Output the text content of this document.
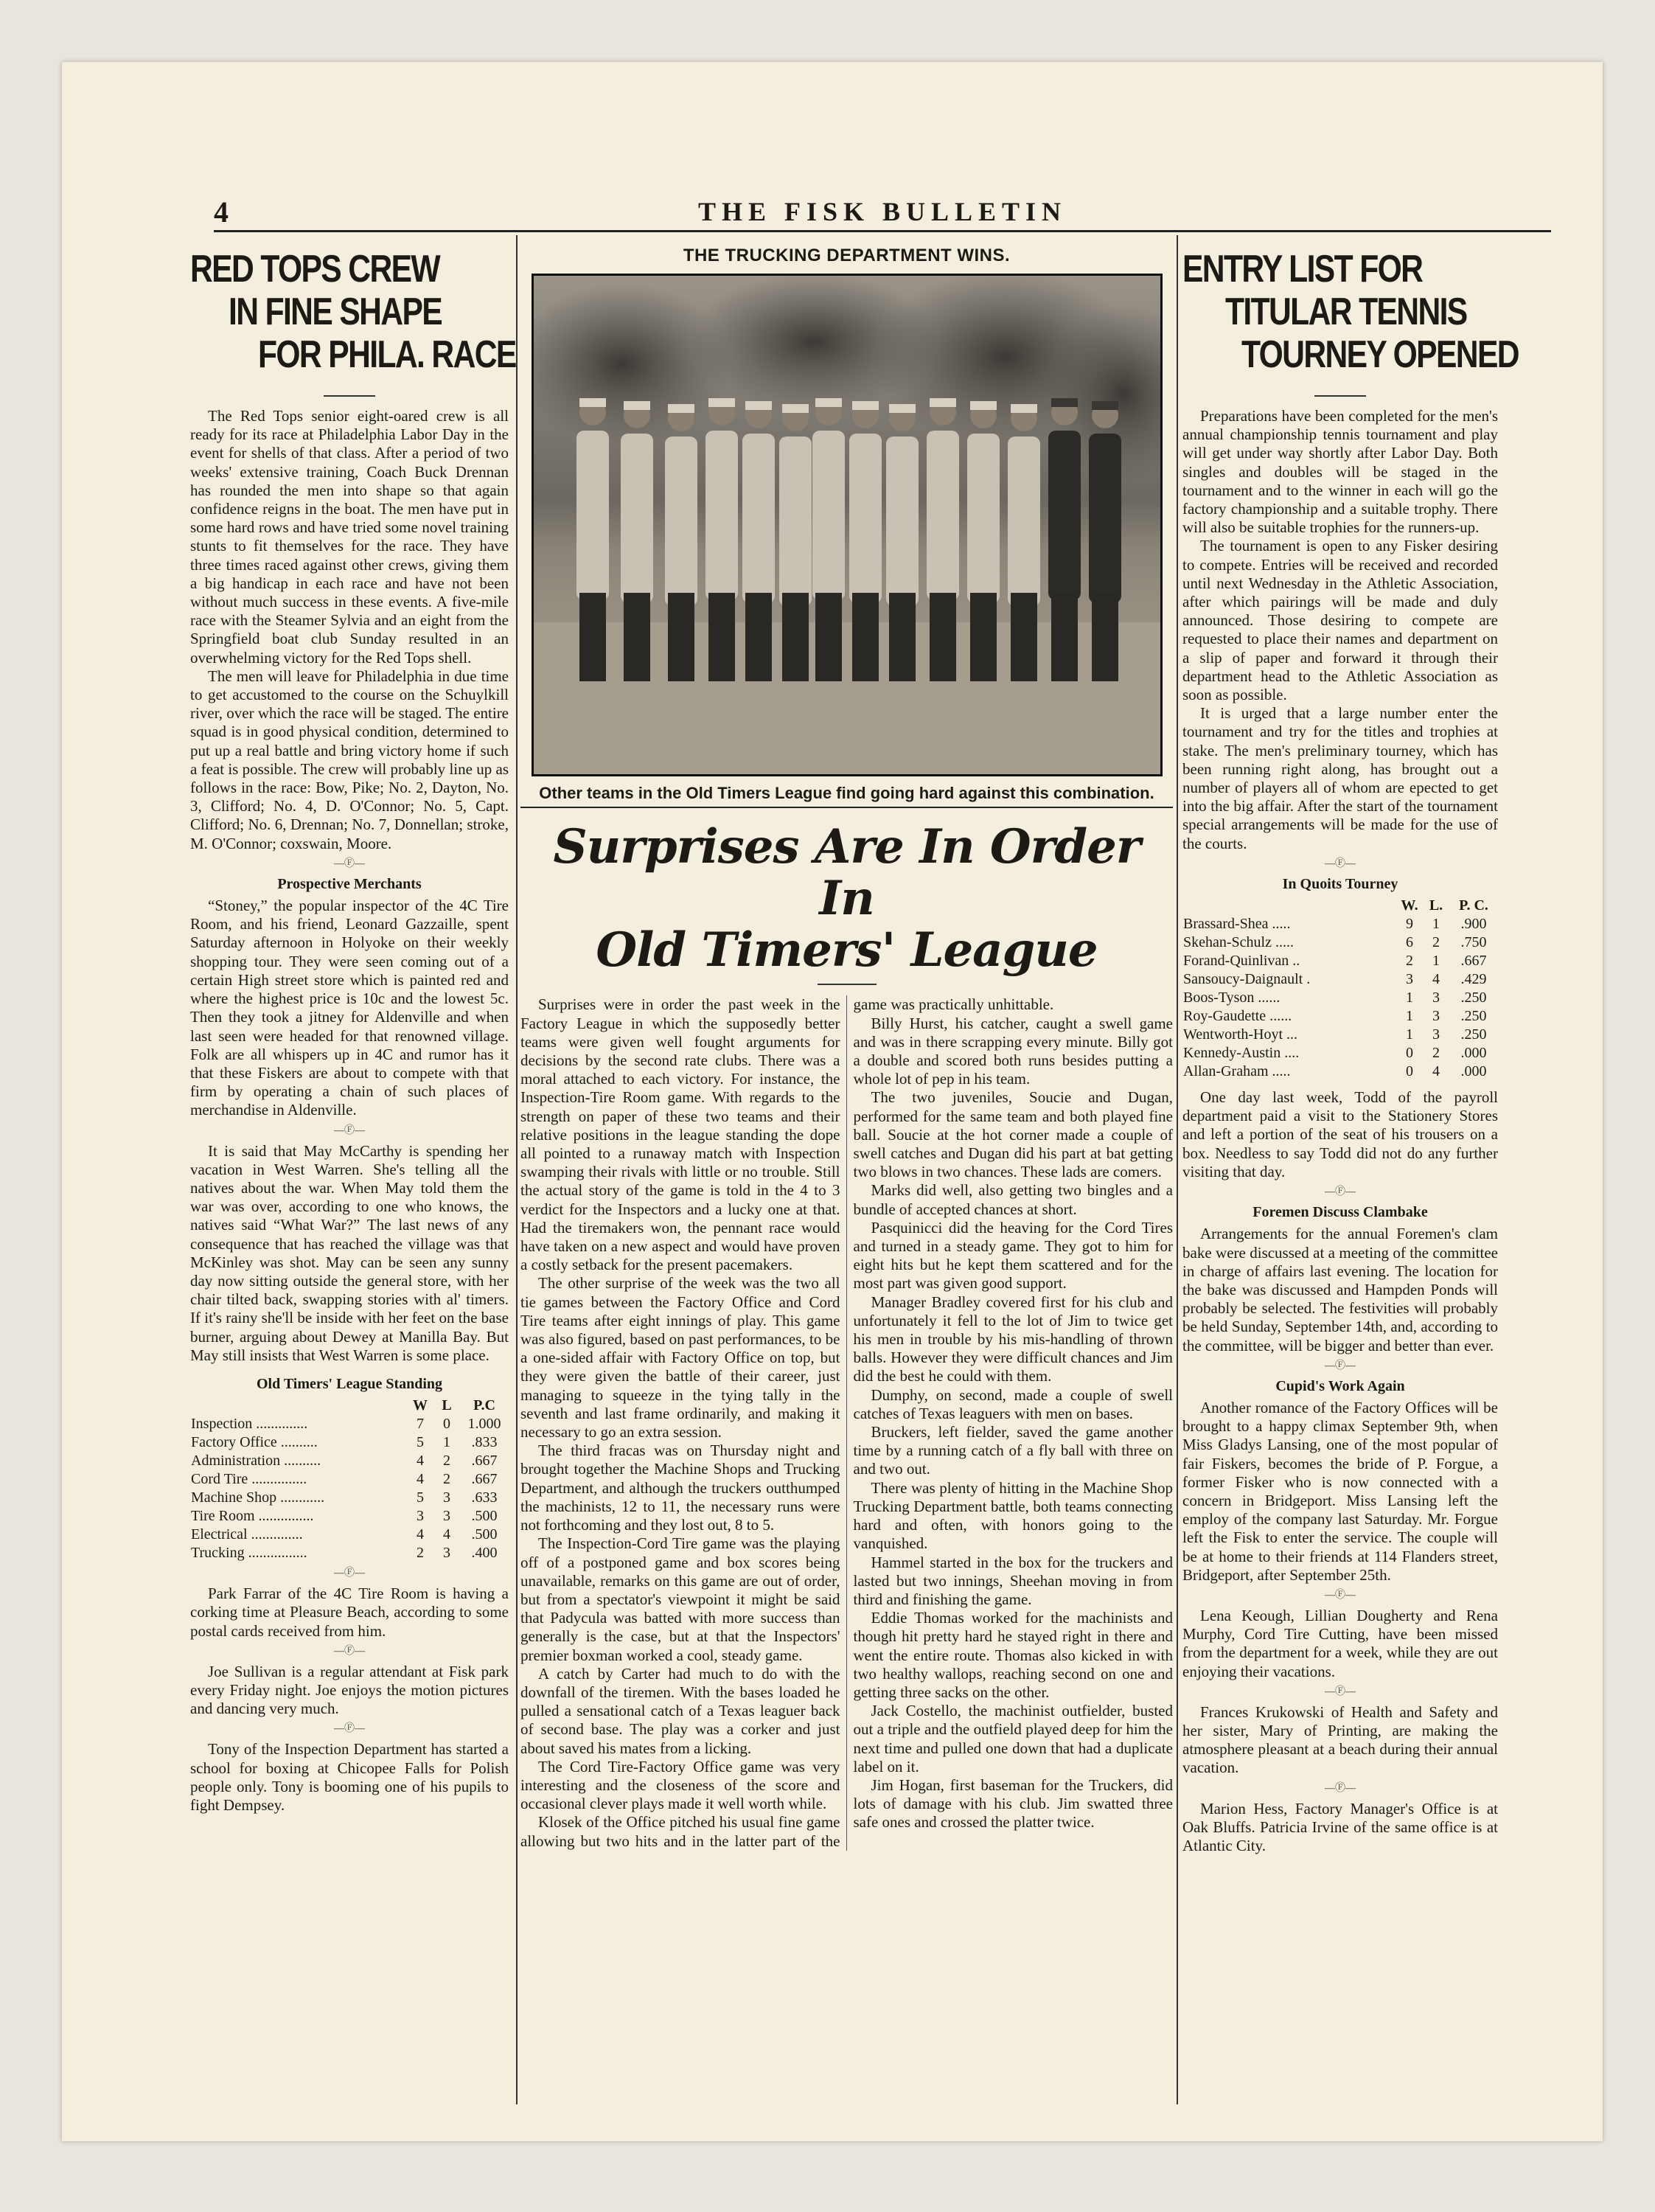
4	THE FISK BULLETIN
RED TOPS CREW
IN FINE SHAPE
FOR PHILA. RACE

The Red Tops senior eight-oared crew is all ready for its race at Philadelphia Labor Day in the event for shells of that class. After a period of two weeks' extensive training, Coach Buck Drennan has rounded the men into shape so that again confidence reigns in the boat. The men have put in some hard rows and have tried some novel training stunts to fit themselves for the race. They have three times raced against other crews, giving them a big handicap in each race and have not been without much success in these events. A five-mile race with the Steamer Sylvia and an eight from the Springfield boat club Sunday resulted in an overwhelming victory for the Red Tops shell.

The men will leave for Philadelphia in due time to get accustomed to the course on the Schuylkill river, over which the race will be staged. The entire squad is in good physical condition, determined to put up a real battle and bring victory home if such a feat is possible. The crew will probably line up as follows in the race: Bow, Pike; No. 2, Dayton, No. 3, Clifford; No. 4, D. O'Connor; No. 5, Capt. Clifford; No. 6, Drennan; No. 7, Donnellan; stroke, M. O'Connor; coxswain, Moore.

—Ⓕ—
Prospective Merchants

“Stoney,” the popular inspector of the 4C Tire Room, and his friend, Leonard Gazzaille, spent Saturday afternoon in Holyoke on their weekly shopping tour. They were seen coming out of a certain High street store which is painted red and where the highest price is 10c and the lowest 5c. Then they took a jitney for Aldenville and when last seen were headed for that renowned village. Folk are all whispers up in 4C and rumor has it that these Fiskers are about to compete with that firm by operating a chain of such places of merchandise in Aldenville.

—Ⓕ—

It is said that May McCarthy is spending her vacation in West Warren. She's telling all the natives about the war. When May told them the war was over, according to one who knows, the natives said “What War?” The last news of any consequence that has reached the village was that McKinley was shot. May can be seen any sunny day now sitting outside the general store, with her chair tilted back, swapping stories with al' timers. If it's rainy she'll be inside with her feet on the base burner, arguing about Dewey at Manilla Bay. But May still insists that West Warren is some place.

Old Timers' League Standing
	W	L	P.C
Inspection ..............	7	0	1.000
Factory Office ..........	5	1	.833
Administration ..........	4	2	.667
Cord Tire ...............	4	2	.667
Machine Shop ............	5	3	.633
Tire Room ...............	3	3	.500
Electrical ..............	4	4	.500
Trucking ................	2	3	.400
—Ⓕ—

Park Farrar of the 4C Tire Room is having a corking time at Pleasure Beach, according to some postal cards received from him.

—Ⓕ—

Joe Sullivan is a regular attendant at Fisk park every Friday night. Joe enjoys the motion pictures and dancing very much.

—Ⓕ—

Tony of the Inspection Department has started a school for boxing at Chicopee Falls for Polish people only. Tony is booming one of his pupils to fight Dempsey.

THE TRUCKING DEPARTMENT WINS.
Other teams in the Old Timers League find going hard against this combination.
Surprises Are In Order In
Old Timers' League

Surprises were in order the past week in the Factory League in which the supposedly better teams were given well fought arguments for decisions by the second rate clubs. There was a moral attached to each victory. For instance, the Inspection-Tire Room game. With regards to the strength on paper of these two teams and their relative positions in the league standing the dope all pointed to a runaway match with Inspection swamping their rivals with little or no trouble. Still the actual story of the game is told in the 4 to 3 verdict for the Inspectors and a lucky one at that. Had the tiremakers won, the pennant race would have taken on a new aspect and would have proven a costly setback for the present pacemakers.

The other surprise of the week was the two all tie games between the Factory Office and Cord Tire teams after eight innings of play. This game was also figured, based on past performances, to be a one-sided affair with Factory Office on top, but they were given the battle of their career, just managing to squeeze in the tying tally in the seventh and last frame ordinarily, and making it necessary to go an extra session.

The third fracas was on Thursday night and brought together the Machine Shops and Trucking Department, and although the truckers outthumped the machinists, 12 to 11, the necessary runs were not forthcoming and they lost out, 8 to 5.

The Inspection-Cord Tire game was the playing off of a postponed game and box scores being unavailable, remarks on this game are out of order, but from a spectator's viewpoint it might be said that Padycula was batted with more success than generally is the case, but at that the Inspectors' premier boxman worked a cool, steady game.

A catch by Carter had much to do with the downfall of the tiremen. With the bases loaded he pulled a sensational catch of a Texas leaguer back of second base. The play was a corker and just about saved his mates from a licking.

The Cord Tire-Factory Office game was very interesting and the closeness of the score and occasional clever plays made it well worth while.

Klosek of the Office pitched his usual fine game allowing but two hits and in the latter part of the game was practically unhittable.

Billy Hurst, his catcher, caught a swell game and was in there scrapping every minute. Billy got a double and scored both runs besides putting a whole lot of pep in his team.

The two juveniles, Soucie and Dugan, performed for the same team and both played fine ball. Soucie at the hot corner made a couple of swell catches and Dugan did his part at bat getting two blows in two chances. These lads are comers.

Marks did well, also getting two bingles and a bundle of accepted chances at short.

Pasquinicci did the heaving for the Cord Tires and turned in a steady game. They got to him for eight hits but he kept them scattered and for the most part was given good support.

Manager Bradley covered first for his club and unfortunately it fell to the lot of Jim to twice get his men in trouble by his mis-handling of thrown balls. However they were difficult chances and Jim did the best he could with them.

Dumphy, on second, made a couple of swell catches of Texas leaguers with men on bases.

Bruckers, left fielder, saved the game another time by a running catch of a fly ball with three on and two out.

There was plenty of hitting in the Machine Shop Trucking Department battle, both teams connecting hard and often, with honors going to the vanquished.

Hammel started in the box for the truckers and lasted but two innings, Sheehan moving in from third and finishing the game.

Eddie Thomas worked for the machinists and though hit pretty hard he stayed right in there and went the entire route. Thomas also kicked in with two healthy wallops, reaching second on one and getting three sacks on the other.

Jack Costello, the machinist outfielder, busted out a triple and the outfield played deep for him the next time and pulled one down that had a duplicate label on it.

Jim Hogan, first baseman for the Truckers, did lots of damage with his club. Jim swatted three safe ones and crossed the platter twice.

ENTRY LIST FOR
TITULAR TENNIS
TOURNEY OPENED

Preparations have been completed for the men's annual championship tennis tournament and play will get under way shortly after Labor Day. Both singles and doubles will be staged in the tournament and to the winner in each will go the factory championship and a suitable trophy. There will also be suitable trophies for the runners-up.

The tournament is open to any Fisker desiring to compete. Entries will be received and recorded until next Wednesday in the Athletic Association, after which pairings will be made and duly announced. Those desiring to compete are requested to place their names and department on a slip of paper and forward it through their department head to the Athletic Association as soon as possible.

It is urged that a large number enter the tournament and try for the titles and trophies at stake. The men's preliminary tourney, which has been running right along, has brought out a number of players all of whom are epected to get into the big affair. After the start of the tournament special arrangements will be made for the use of the courts.

—Ⓕ—
In Quoits Tourney
	W.	L.	P. C.
Brassard-Shea .....	9	1	.900
Skehan-Schulz .....	6	2	.750
Forand-Quinlivan ..	2	1	.667
Sansoucy-Daignault .	3	4	.429
Boos-Tyson ......	1	3	.250
Roy-Gaudette ......	1	3	.250
Wentworth-Hoyt ...	1	3	.250
Kennedy-Austin ....	0	2	.000
Allan-Graham .....	0	4	.000

One day last week, Todd of the payroll department paid a visit to the Stationery Stores and left a portion of the seat of his trousers on a box. Needless to say Todd did not do any further visiting that day.

—Ⓕ—
Foremen Discuss Clambake

Arrangements for the annual Foremen's clam bake were discussed at a meeting of the committee in charge of affairs last evening. The location for the bake was discussed and Hampden Ponds will probably be selected. The festivities will probably be held Sunday, September 14th, and, according to the committee, will be bigger and better than ever.

—Ⓕ—
Cupid's Work Again

Another romance of the Factory Offices will be brought to a happy climax September 9th, when Miss Gladys Lansing, one of the most popular of fair Fiskers, becomes the bride of P. Forgue, a former Fisker who is now connected with a concern in Bridgeport. Miss Lansing left the employ of the company last Saturday. Mr. Forgue left the Fisk to enter the service. The couple will be at home to their friends at 114 Flanders street, Bridgeport, after September 25th.

—Ⓕ—

Lena Keough, Lillian Dougherty and Rena Murphy, Cord Tire Cutting, have been missed from the department for a week, while they are out enjoying their vacations.

—Ⓕ—

Frances Krukowski of Health and Safety and her sister, Mary of Printing, are making the atmosphere pleasant at a beach during their annual vacation.

—Ⓕ—

Marion Hess, Factory Manager's Office is at Oak Bluffs. Patricia Irvine of the same office is at Atlantic City.
